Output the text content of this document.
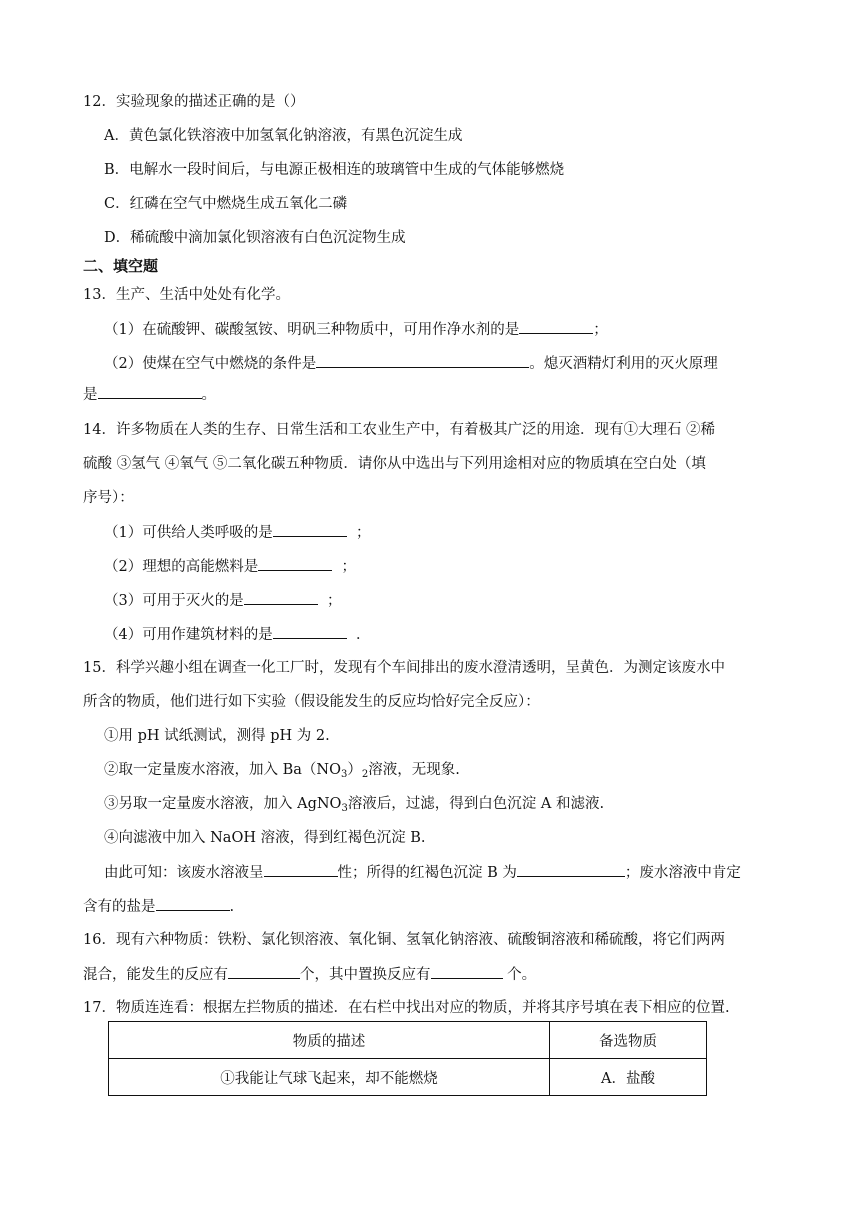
12．实验现象的描述正确的是（）
A．黄色氯化铁溶液中加氢氧化钠溶液，有黑色沉淀生成
B．电解水一段时间后，与电源正极相连的玻璃管中生成的气体能够燃烧
C．红磷在空气中燃烧生成五氧化二磷
D．稀硫酸中滴加氯化钡溶液有白色沉淀物生成
二、填空题
13．生产、生活中处处有化学。
（1）在硫酸钾、碳酸氢铵、明矾三种物质中，可用作净水剂的是	；
（2）使煤在空气中燃烧的条件是	。熄灭酒精灯利用的灭火原理
是	。
14．许多物质在人类的生存、日常生活和工农业生产中，有着极其广泛的用途．现有①大理石 ②稀
硫酸 ③氢气 ④氧气 ⑤二氧化碳五种物质．请你从中选出与下列用途相对应的物质填在空白处（填
序号）：
（1）可供给人类呼吸的是	；
（2）理想的高能燃料是	；
（3）可用于灭火的是	；
（4）可用作建筑材料的是	．
15．科学兴趣小组在调查一化工厂时，发现有个车间排出的废水澄清透明，呈黄色．为测定该废水中
所含的物质，他们进行如下实验（假设能发生的反应均恰好完全反应）：
①用 pH 试纸测试，测得 pH 为 2.
②取一定量废水溶液，加入 $Ba(NO_3)_2$溶液，无现象.
③另取一定量废水溶液，加入 AgNO$_3$溶液后，过滤，得到白色沉淀 A 和滤液.
④向滤液中加入 NaOH 溶液，得到红褐色沉淀 B.
由此可知：该废水溶液呈	性；所得的红褐色沉淀 B 为	；废水溶液中肯定
含有的盐是	.
16．现有六种物质：铁粉、氯化钡溶液、氧化铜、氢氧化钠溶液、硫酸铜溶液和稀硫酸，将它们两两
混合，能发生的反应有	个，其中置换反应有	个。
17．物质连连看：根据左拦物质的描述．在右栏中找出对应的物质，并将其序号填在表下相应的位置.
物质的描述	备选物质
①我能让气球飞起来，却不能燃烧	A．盐酸
